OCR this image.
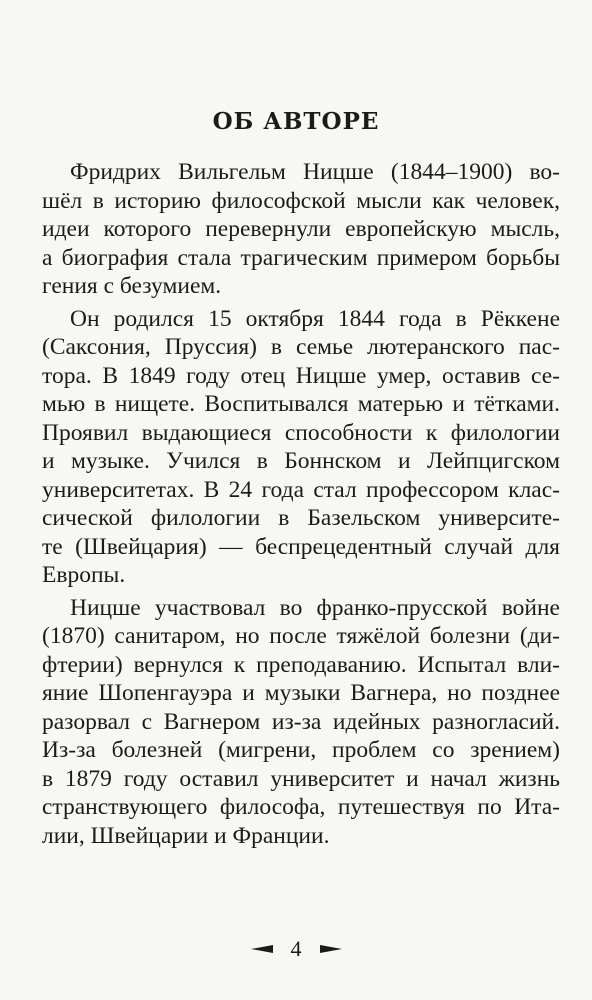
ОБ АВТОРЕ
Фридрих Вильгельм Ницше (1844–1900) во-
шёл в историю философской мысли как человек,
идеи которого перевернули европейскую мысль,
а биография стала трагическим примером борьбы
гения с безумием.
Он родился 15 октября 1844 года в Рёккене
(Саксония, Пруссия) в семье лютеранского пас-
тора. В 1849 году отец Ницше умер, оставив се-
мью в нищете. Воспитывался матерью и тётками.
Проявил выдающиеся способности к филологии
и музыке. Учился в Боннском и Лейпцигском
университетах. В 24 года стал профессором клас-
сической филологии в Базельском университе-
те (Швейцария) — беспрецедентный случай для
Европы.
Ницше участвовал во франко-прусской войне
(1870) санитаром, но после тяжёлой болезни (ди-
фтерии) вернулся к преподаванию. Испытал вли-
яние Шопенгауэра и музыки Вагнера, но позднее
разорвал с Вагнером из-за идейных разногласий.
Из-за болезней (мигрени, проблем со зрением)
в 1879 году оставил университет и начал жизнь
странствующего философа, путешествуя по Ита-
лии, Швейцарии и Франции.
4
